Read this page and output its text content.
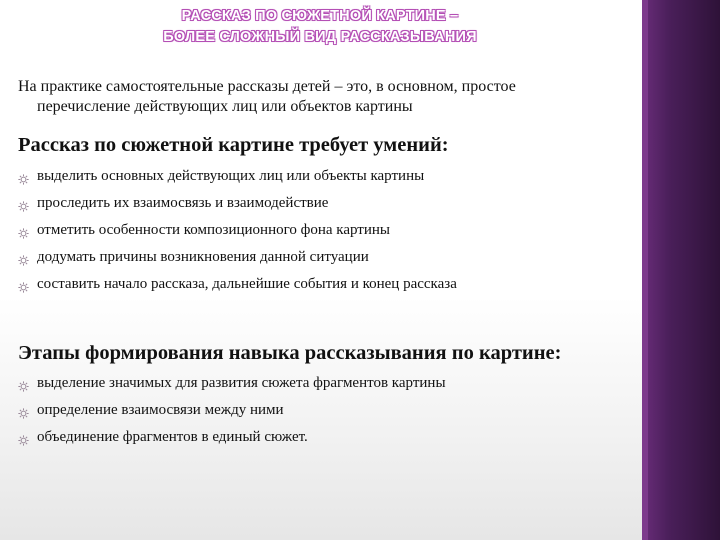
РАССКАЗ ПО СЮЖЕТНОЙ КАРТИНЕ –
БОЛЕЕ СЛОЖНЫЙ ВИД РАССКАЗЫВАНИЯ
На практике самостоятельные рассказы детей – это, в основном, простое
перечисление действующих лиц или объектов картины
Рассказ по сюжетной картине требует умений:
выделить основных действующих лиц или объекты картины
проследить их взаимосвязь и взаимодействие
отметить особенности композиционного фона картины
додумать причины возникновения данной ситуации
составить начало рассказа, дальнейшие события и конец рассказа
Этапы формирования навыка рассказывания по картине:
выделение значимых для развития сюжета фрагментов картины
определение взаимосвязи между ними
объединение фрагментов в единый сюжет.
